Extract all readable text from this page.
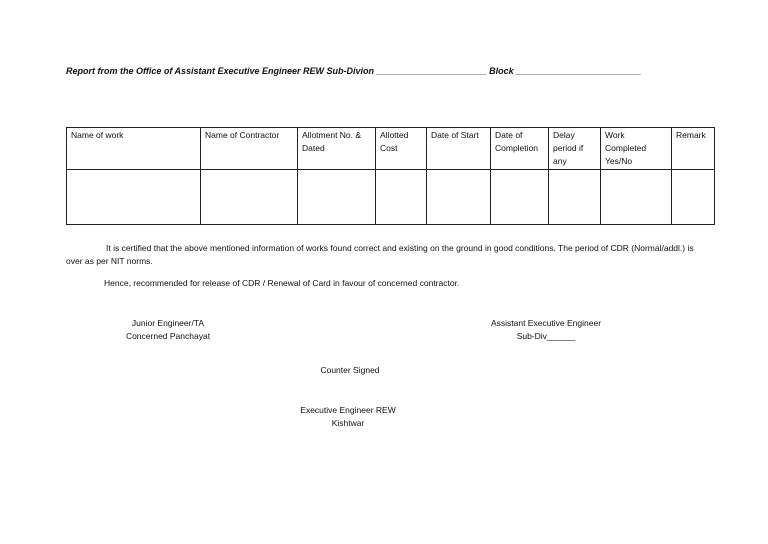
Report from the Office of Assistant Executive Engineer REW Sub-Divion ______________________ Block _________________________
Name of work	Name of Contractor	Allotment No. & Dated	Allotted Cost	Date of Start	Date of Completion	Delay period if any	Work Completed Yes/No	Remark

It is certified that the above mentioned information of works found correct and existing on the ground in good conditions. The period of CDR (Normal/addl.) is over as per NIT norms.
Hence, recommended for release of CDR / Renewal of Card in favour of concerned contractor.
Junior Engineer/TA
Concerned Panchayat
Assistant Executive Engineer
Sub-Div______
Counter Signed
Executive Engineer REW
Kishtwar
